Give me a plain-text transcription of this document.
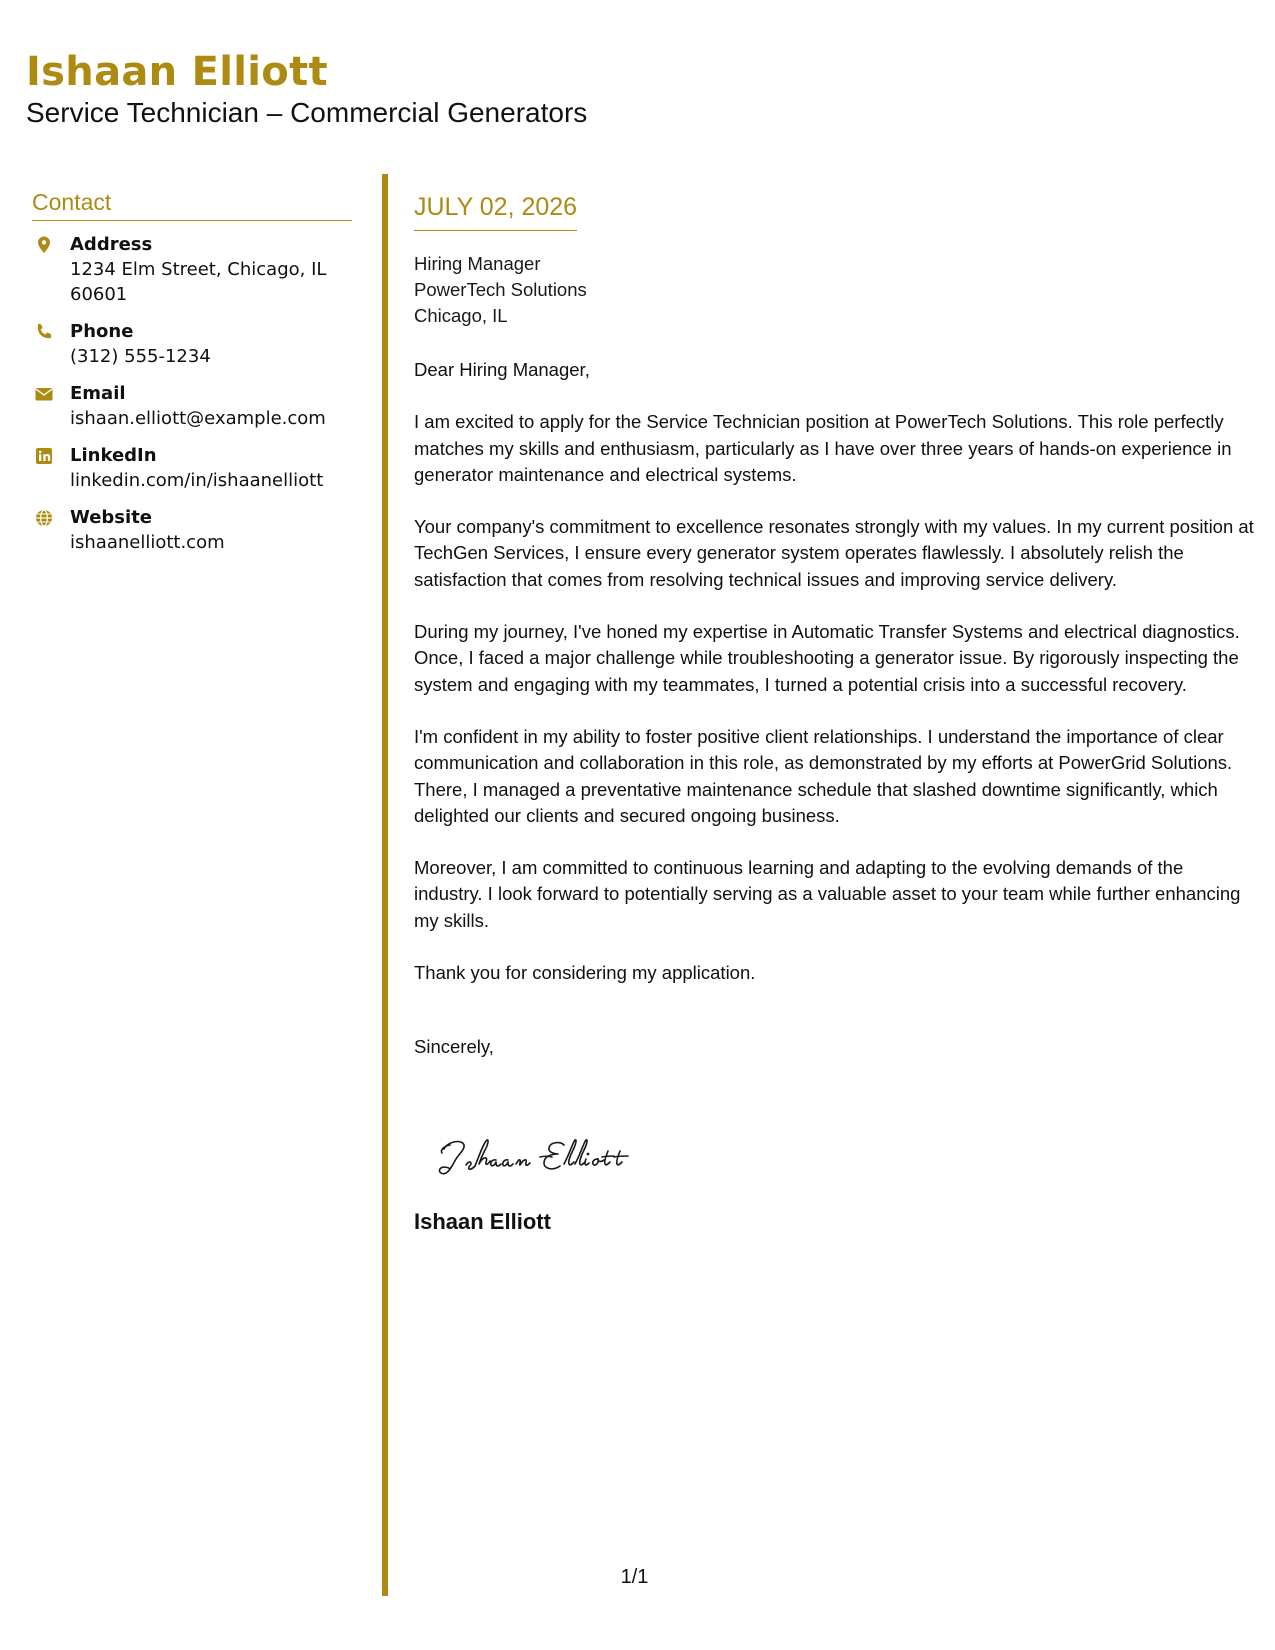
Ishaan Elliott
Service Technician – Commercial Generators
Contact
Address
1234 Elm Street, Chicago, IL
60601
Phone
(312) 555-1234
Email
ishaan.elliott@example.com
LinkedIn
linkedin.com/in/ishaanelliott
Website
ishaanelliott.com
JULY 02, 2026
Hiring Manager
PowerTech Solutions
Chicago, IL

Dear Hiring Manager,

I am excited to apply for the Service Technician position at PowerTech Solutions. This role perfectly matches my skills and enthusiasm, particularly as I have over three years of hands-on experience in generator maintenance and electrical systems.

Your company's commitment to excellence resonates strongly with my values. In my current position at TechGen Services, I ensure every generator system operates flawlessly. I absolutely relish the satisfaction that comes from resolving technical issues and improving service delivery.

During my journey, I've honed my expertise in Automatic Transfer Systems and electrical diagnostics. Once, I faced a major challenge while troubleshooting a generator issue. By rigorously inspecting the system and engaging with my teammates, I turned a potential crisis into a successful recovery.

I'm confident in my ability to foster positive client relationships. I understand the importance of clear communication and collaboration in this role, as demonstrated by my efforts at PowerGrid Solutions. There, I managed a preventative maintenance schedule that slashed downtime significantly, which delighted our clients and secured ongoing business.

Moreover, I am committed to continuous learning and adapting to the evolving demands of the industry. I look forward to potentially serving as a valuable asset to your team while further enhancing my skills.

Thank you for considering my application.

Sincerely,

Ishaan Elliott
1/1
